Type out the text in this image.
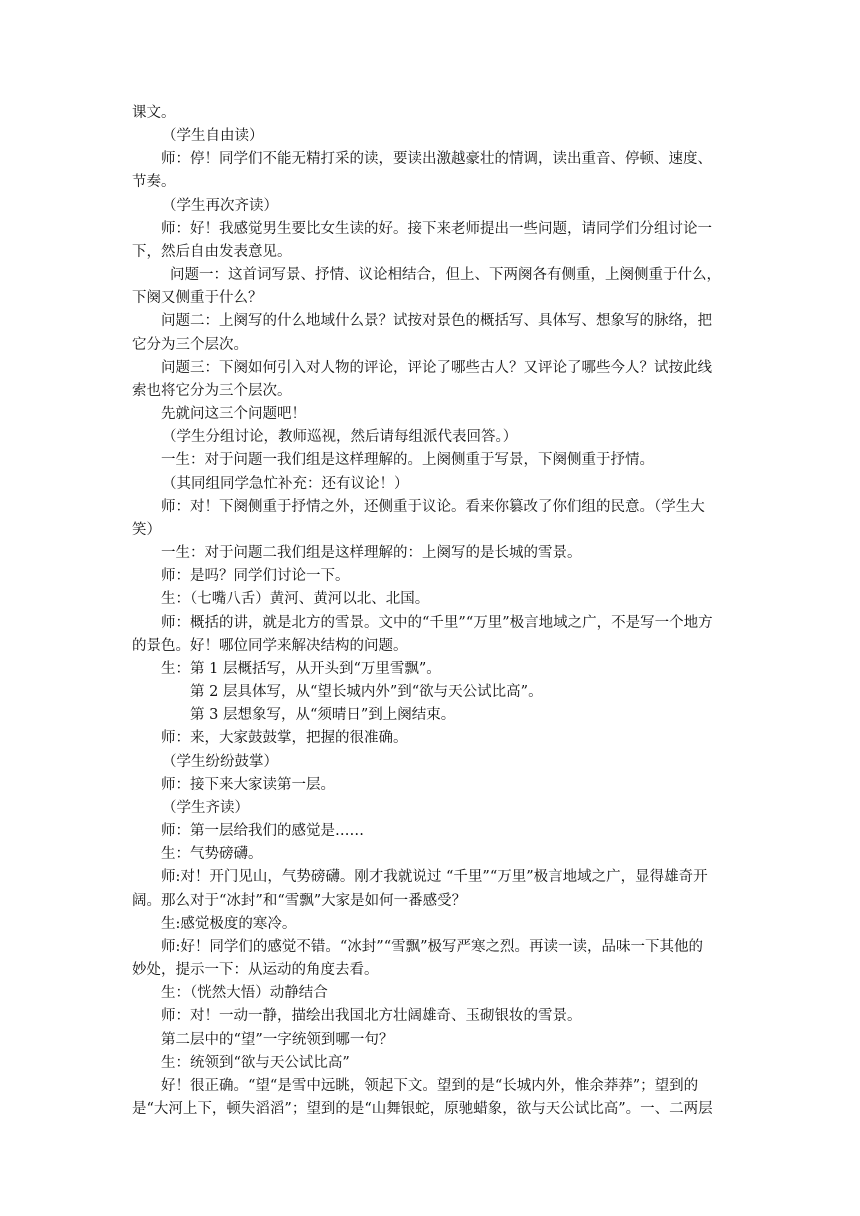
课文。
（学生自由读）
师：停！同学们不能无精打采的读，要读出激越豪壮的情调，读出重音、停顿、速度、
节奏。
（学生再次齐读）
师：好！我感觉男生要比女生读的好。接下来老师提出一些问题，请同学们分组讨论一
下，然后自由发表意见。
问题一：这首词写景、抒情、议论相结合，但上、下两阕各有侧重，上阕侧重于什么，
下阕又侧重于什么？
问题二：上阕写的什么地域什么景？试按对景色的概括写、具体写、想象写的脉络，把
它分为三个层次。
问题三：下阕如何引入对人物的评论，评论了哪些古人？又评论了哪些今人？试按此线
索也将它分为三个层次。
先就问这三个问题吧！
（学生分组讨论，教师巡视，然后请每组派代表回答。）
一生：对于问题一我们组是这样理解的。上阕侧重于写景，下阕侧重于抒情。
（其同组同学急忙补充：还有议论！）
师：对！下阕侧重于抒情之外，还侧重于议论。看来你篡改了你们组的民意。（学生大
笑）
一生：对于问题二我们组是这样理解的：上阕写的是长城的雪景。
师：是吗？同学们讨论一下。
生：（七嘴八舌）黄河、黄河以北、北国。
师：概括的讲，就是北方的雪景。文中的“千里”“万里”极言地域之广，不是写一个地方
的景色。好！哪位同学来解决结构的问题。
生：第 1 层概括写，从开头到“万里雪飘”。
第 2 层具体写，从“望长城内外”到“欲与天公试比高”。
第 3 层想象写，从“须晴日”到上阕结束。
师：来，大家鼓鼓掌，把握的很准确。
（学生纷纷鼓掌）
师：接下来大家读第一层。
（学生齐读）
师：第一层给我们的感觉是……
生：气势磅礴。
师:对！开门见山，气势磅礴。刚才我就说过 “千里”“万里”极言地域之广，显得雄奇开
阔。那么对于“冰封”和“雪飘”大家是如何一番感受？
生:感觉极度的寒冷。
师:好！同学们的感觉不错。“冰封”“雪飘”极写严寒之烈。再读一读，品味一下其他的
妙处，提示一下：从运动的角度去看。
生：（恍然大悟）动静结合
师：对！一动一静，描绘出我国北方壮阔雄奇、玉砌银妆的雪景。
第二层中的“望”一字统领到哪一句？
生：统领到“欲与天公试比高”
好！很正确。“望“是雪中远眺，领起下文。望到的是“长城内外，惟余莽莽”；望到的
是“大河上下，顿失滔滔”；望到的是“山舞银蛇，原驰蜡象，欲与天公试比高”。一、二两层
